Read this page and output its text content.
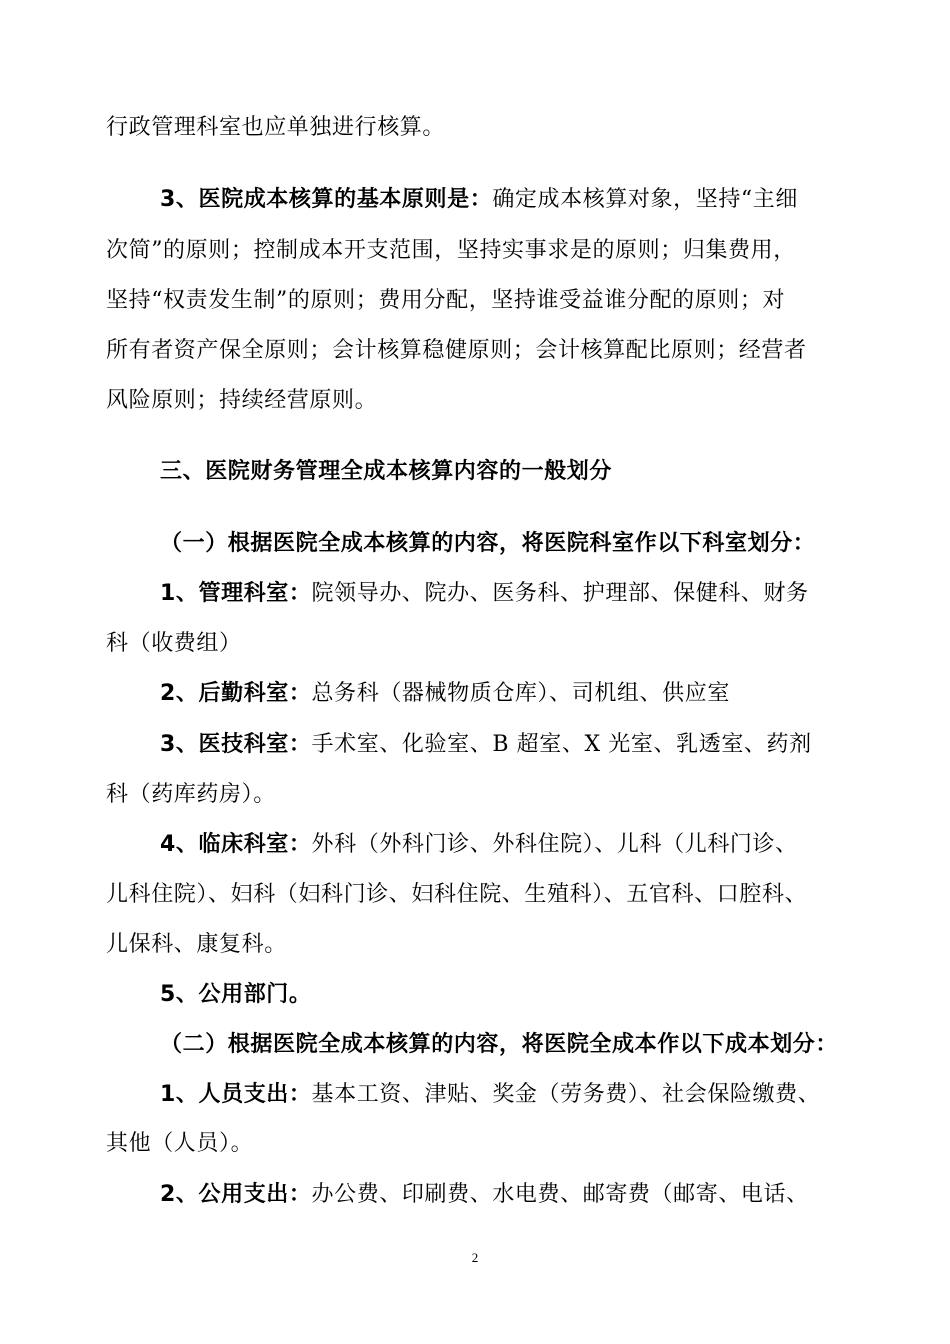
行政管理科室也应单独进行核算。
3、医院成本核算的基本原则是：确定成本核算对象，坚持“主细
次简”的原则；控制成本开支范围，坚持实事求是的原则；归集费用，
坚持“权责发生制”的原则；费用分配，坚持谁受益谁分配的原则；对
所有者资产保全原则；会计核算稳健原则；会计核算配比原则；经营者
风险原则；持续经营原则。
三、医院财务管理全成本核算内容的一般划分
（一）根据医院全成本核算的内容，将医院科室作以下科室划分：
1、管理科室：院领导办、院办、医务科、护理部、保健科、财务
科（收费组）
2、后勤科室：总务科（器械物质仓库）、司机组、供应室
3、医技科室：手术室、化验室、B 超室、X 光室、乳透室、药剂
科（药库药房）。
4、临床科室：外科（外科门诊、外科住院）、儿科（儿科门诊、
儿科住院）、妇科（妇科门诊、妇科住院、生殖科）、五官科、口腔科、
儿保科、康复科。
5、公用部门。
（二）根据医院全成本核算的内容，将医院全成本作以下成本划分：
1、人员支出：基本工资、津贴、奖金（劳务费）、社会保险缴费、
其他（人员）。
2、公用支出：办公费、印刷费、水电费、邮寄费（邮寄、电话、
2
